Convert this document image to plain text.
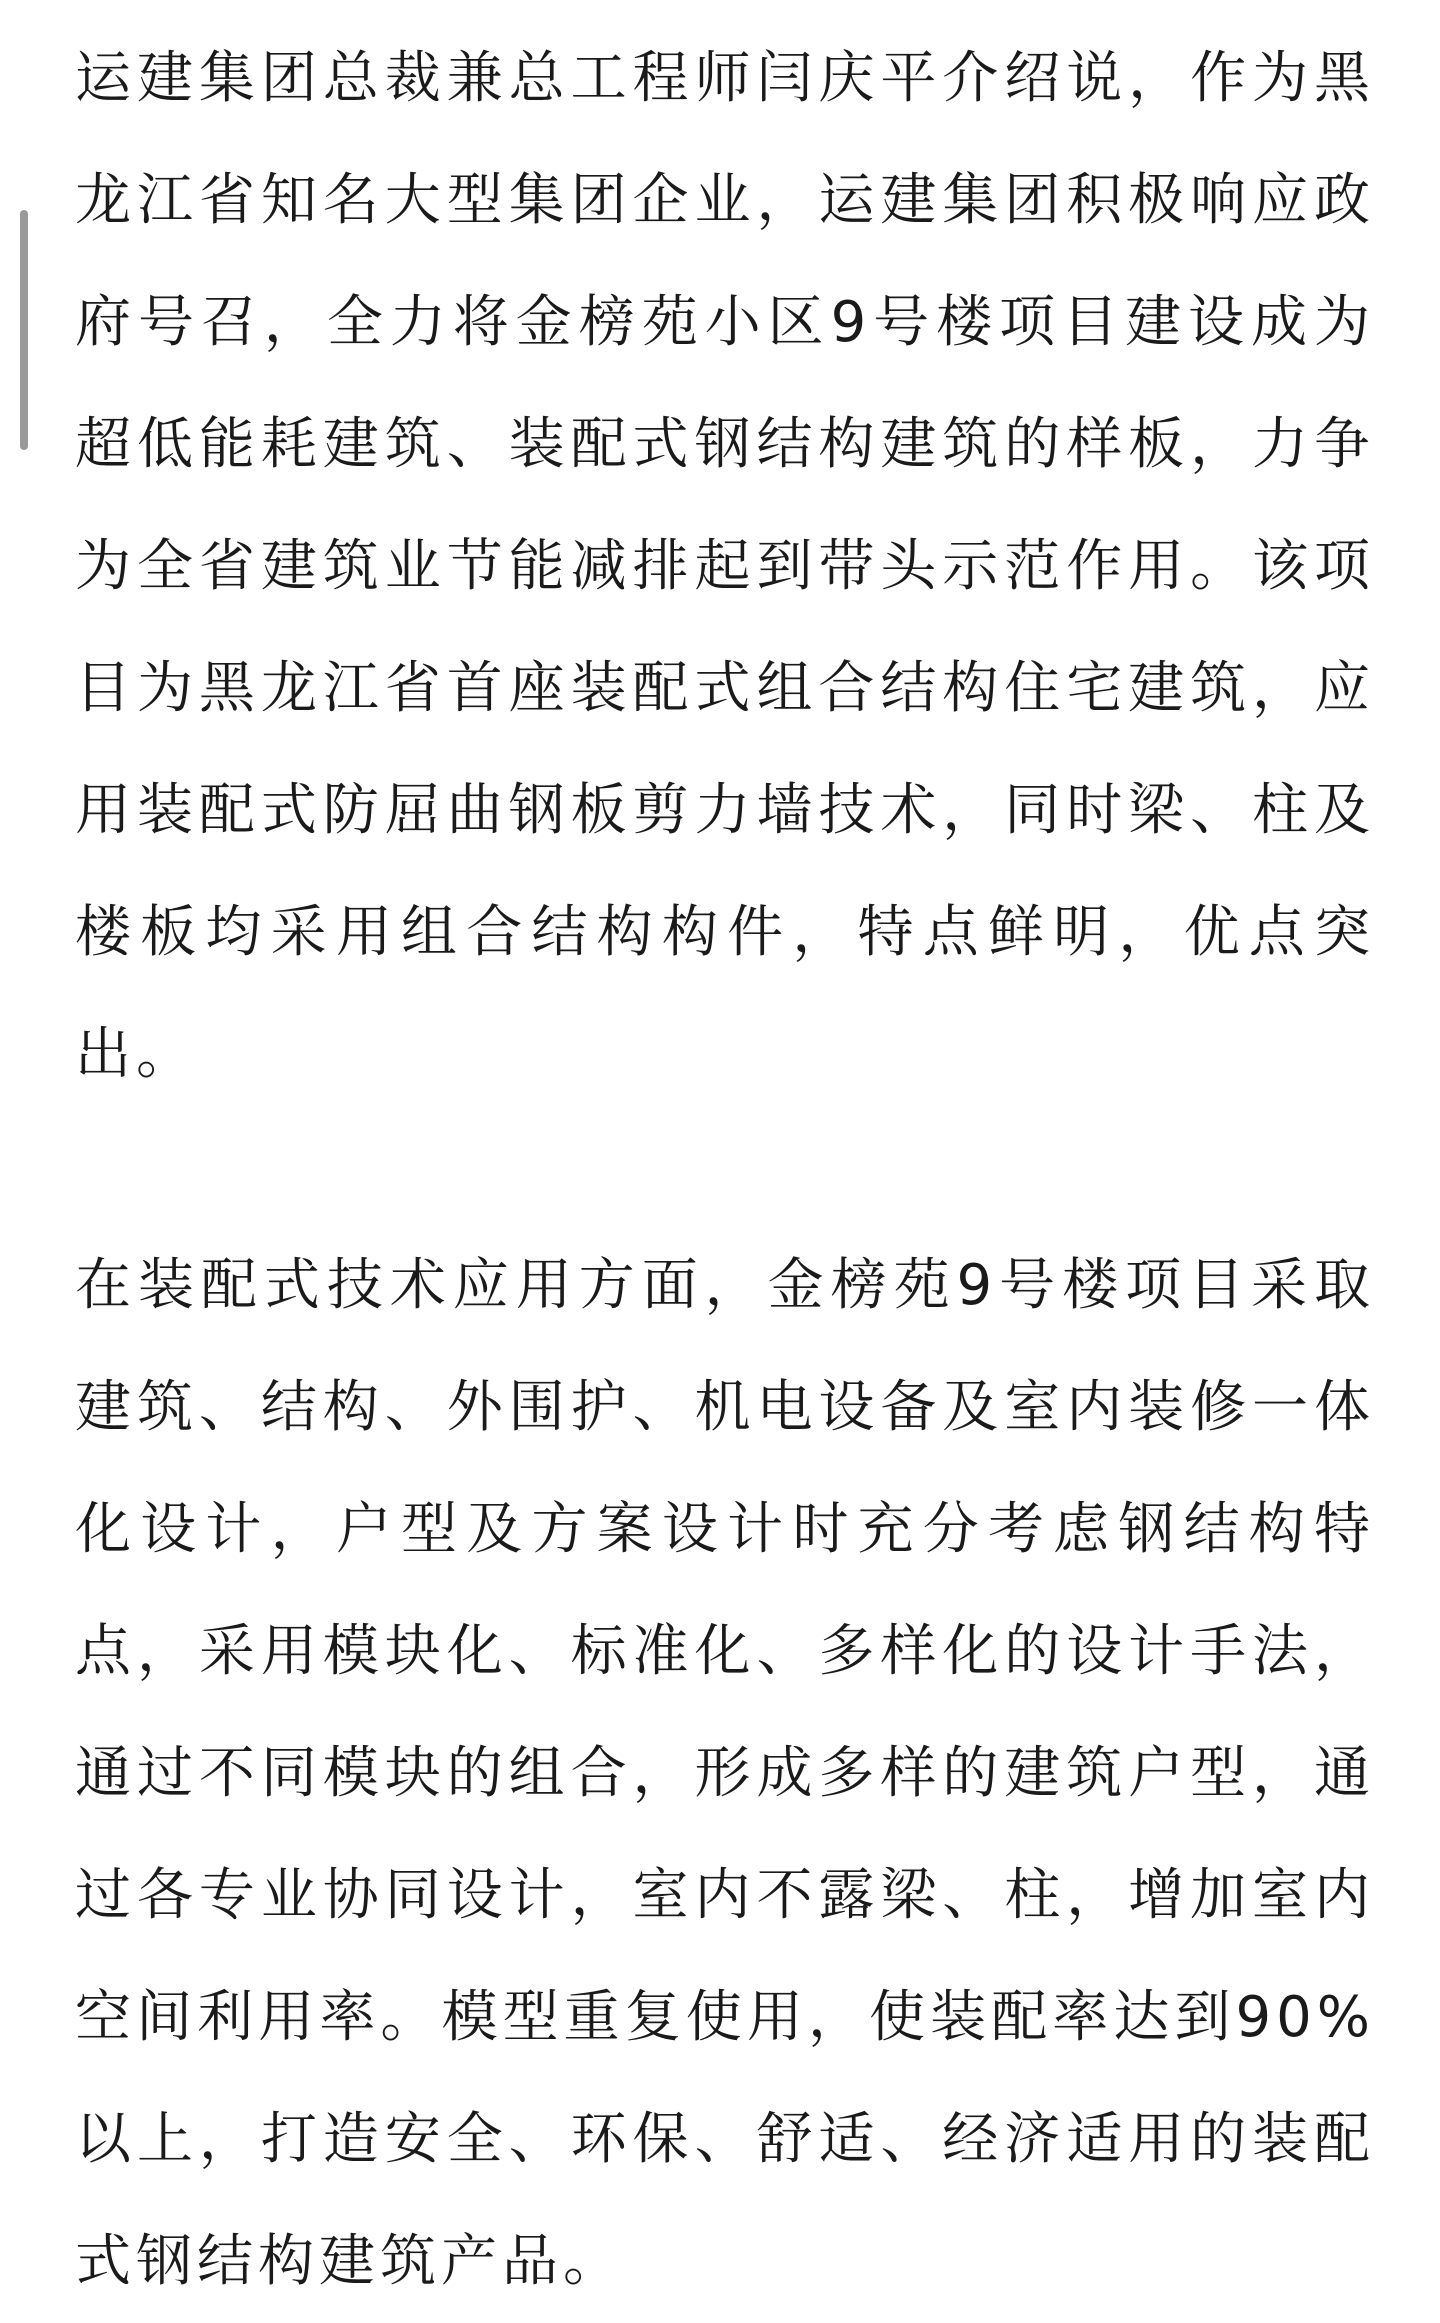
运建集团总裁兼总工程师闫庆平介绍说，作为黑龙江省知名大型集团企业，运建集团积极响应政府号召，全力将金榜苑小区9号楼项目建设成为超低能耗建筑、装配式钢结构建筑的样板，力争为全省建筑业节能减排起到带头示范作用。该项目为黑龙江省首座装配式组合结构住宅建筑，应用装配式防屈曲钢板剪力墙技术，同时梁、柱及楼板均采用组合结构构件，特点鲜明，优点突出。

在装配式技术应用方面，金榜苑9号楼项目采取建筑、结构、外围护、机电设备及室内装修一体化设计，户型及方案设计时充分考虑钢结构特点，采用模块化、标准化、多样化的设计手法，通过不同模块的组合，形成多样的建筑户型，通过各专业协同设计，室内不露梁、柱，增加室内空间利用率。模型重复使用，使装配率达到90%以上，打造安全、环保、舒适、经济适用的装配式钢结构建筑产品。
